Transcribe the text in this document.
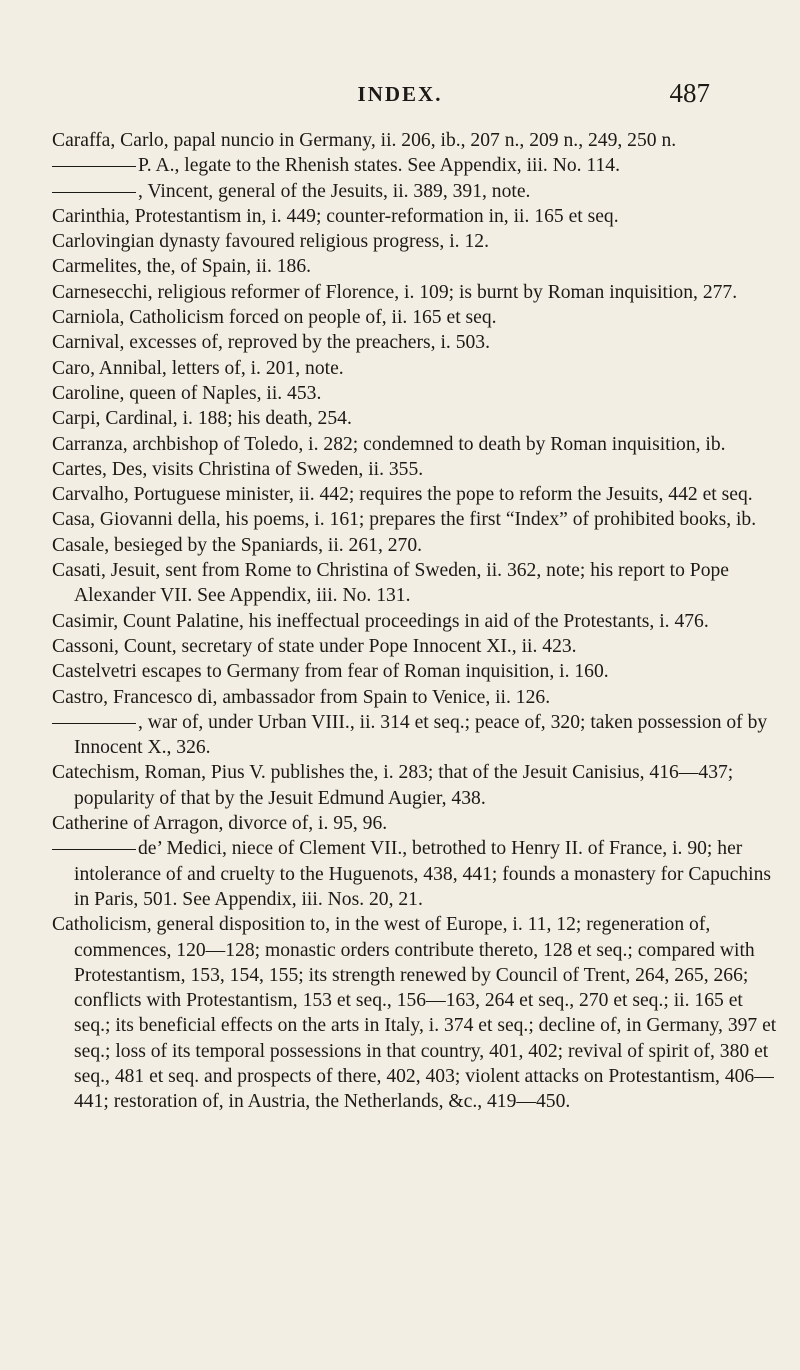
INDEX.	487

Caraffa, Carlo, papal nuncio in Germany, ii. 206, ib., 207 n., 209 n., 249, 250 n.

P. A., legate to the Rhenish states. See Appendix, iii. No. 114.

, Vincent, general of the Jesuits, ii. 389, 391, note.

Carinthia, Protestantism in, i. 449; counter-reformation in, ii. 165 et seq.

Carlovingian dynasty favoured religious progress, i. 12.

Carmelites, the, of Spain, ii. 186.

Carnesecchi, religious reformer of Florence, i. 109; is burnt by Roman inquisition, 277.

Carniola, Catholicism forced on people of, ii. 165 et seq.

Carnival, excesses of, reproved by the preachers, i. 503.

Caro, Annibal, letters of, i. 201, note.

Caroline, queen of Naples, ii. 453.

Carpi, Cardinal, i. 188; his death, 254.

Carranza, archbishop of Toledo, i. 282; condemned to death by Roman inquisition, ib.

Cartes, Des, visits Christina of Sweden, ii. 355.

Carvalho, Portuguese minister, ii. 442; requires the pope to reform the Jesuits, 442 et seq.

Casa, Giovanni della, his poems, i. 161; prepares the first “Index” of prohibited books, ib.

Casale, besieged by the Spaniards, ii. 261, 270.

Casati, Jesuit, sent from Rome to Christina of Sweden, ii. 362, note; his report to Pope Alexander VII. See Appendix, iii. No. 131.

Casimir, Count Palatine, his ineffectual proceedings in aid of the Protestants, i. 476.

Cassoni, Count, secretary of state under Pope Innocent XI., ii. 423.

Castelvetri escapes to Germany from fear of Roman inquisition, i. 160.

Castro, Francesco di, ambassador from Spain to Venice, ii. 126.

, war of, under Urban VIII., ii. 314 et seq.; peace of, 320; taken possession of by Innocent X., 326.

Catechism, Roman, Pius V. publishes the, i. 283; that of the Jesuit Canisius, 416—437; popularity of that by the Jesuit Edmund Augier, 438.

Catherine of Arragon, divorce of, i. 95, 96.

de’ Medici, niece of Clement VII., betrothed to Henry II. of France, i. 90; her intolerance of and cruelty to the Huguenots, 438, 441; founds a monastery for Capuchins in Paris, 501. See Appendix, iii. Nos. 20, 21.

Catholicism, general disposition to, in the west of Europe, i. 11, 12; regeneration of, commences, 120—128; monastic orders contribute thereto, 128 et seq.; compared with Protestantism, 153, 154, 155; its strength renewed by Council of Trent, 264, 265, 266; conflicts with Protestantism, 153 et seq., 156—163, 264 et seq., 270 et seq.; ii. 165 et seq.; its beneficial effects on the arts in Italy, i. 374 et seq.; decline of, in Germany, 397 et seq.; loss of its temporal possessions in that country, 401, 402; revival of spirit of, 380 et seq., 481 et seq. and prospects of there, 402, 403; violent attacks on Protestantism, 406—441; restoration of, in Austria, the Netherlands, &c., 419—450.
